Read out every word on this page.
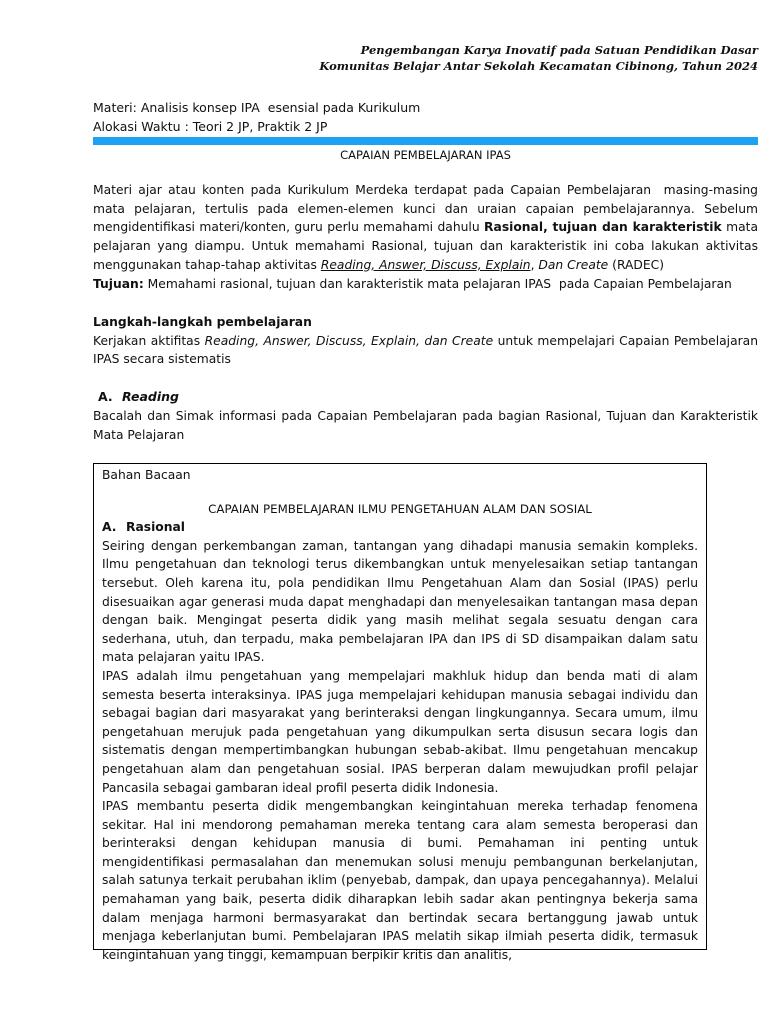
Pengembangan Karya Inovatif pada Satuan Pendidikan Dasar
Komunitas Belajar Antar Sekolah Kecamatan Cibinong, Tahun 2024
Materi: Analisis konsep IPA  esensial pada Kurikulum
Alokasi Waktu : Teori 2 JP, Praktik 2 JP
CAPAIAN PEMBELAJARAN IPAS
Materi ajar atau konten pada Kurikulum Merdeka terdapat pada Capaian Pembelajaran  masing-masing mata pelajaran, tertulis pada elemen-elemen kunci dan uraian capaian pembelajarannya. Sebelum mengidentifikasi materi/konten, guru perlu memahami dahulu Rasional, tujuan dan karakteristik mata pelajaran yang diampu. Untuk memahami Rasional, tujuan dan karakteristik ini coba lakukan aktivitas menggunakan tahap-tahap aktivitas Reading, Answer, Discuss, Explain, Dan Create (RADEC)
Tujuan: Memahami rasional, tujuan dan karakteristik mata pelajaran IPAS  pada Capaian Pembelajaran
Langkah-langkah pembelajaran
Kerjakan aktifitas Reading, Answer, Discuss, Explain, dan Create untuk mempelajari Capaian Pembelajaran IPAS secara sistematis
A. Reading
Bacalah dan Simak informasi pada Capaian Pembelajaran pada bagian Rasional, Tujuan dan Karakteristik Mata Pelajaran
Bahan Bacaan
CAPAIAN PEMBELAJARAN ILMU PENGETAHUAN ALAM DAN SOSIAL
A. Rasional
Seiring dengan perkembangan zaman, tantangan yang dihadapi manusia semakin kompleks. Ilmu pengetahuan dan teknologi terus dikembangkan untuk menyelesaikan setiap tantangan tersebut. Oleh karena itu, pola pendidikan Ilmu Pengetahuan Alam dan Sosial (IPAS) perlu disesuaikan agar generasi muda dapat menghadapi dan menyelesaikan tantangan masa depan dengan baik. Mengingat peserta didik yang masih melihat segala sesuatu dengan cara sederhana, utuh, dan terpadu, maka pembelajaran IPA dan IPS di SD disampaikan dalam satu mata pelajaran yaitu IPAS.
IPAS adalah ilmu pengetahuan yang mempelajari makhluk hidup dan benda mati di alam semesta beserta interaksinya. IPAS juga mempelajari kehidupan manusia sebagai individu dan sebagai bagian dari masyarakat yang berinteraksi dengan lingkungannya. Secara umum, ilmu pengetahuan merujuk pada pengetahuan yang dikumpulkan serta disusun secara logis dan sistematis dengan mempertimbangkan hubungan sebab-akibat. Ilmu pengetahuan mencakup pengetahuan alam dan pengetahuan sosial. IPAS berperan dalam mewujudkan profil pelajar Pancasila sebagai gambaran ideal profil peserta didik Indonesia.
IPAS membantu peserta didik mengembangkan keingintahuan mereka terhadap fenomena sekitar. Hal ini mendorong pemahaman mereka tentang cara alam semesta beroperasi dan berinteraksi dengan kehidupan manusia di bumi. Pemahaman ini penting untuk mengidentifikasi permasalahan dan menemukan solusi menuju pembangunan berkelanjutan, salah satunya terkait perubahan iklim (penyebab, dampak, dan upaya pencegahannya). Melalui pemahaman yang baik, peserta didik diharapkan lebih sadar akan pentingnya bekerja sama dalam menjaga harmoni bermasyarakat dan bertindak secara bertanggung jawab untuk menjaga keberlanjutan bumi. Pembelajaran IPAS melatih sikap ilmiah peserta didik, termasuk keingintahuan yang tinggi, kemampuan berpikir kritis dan analitis,
